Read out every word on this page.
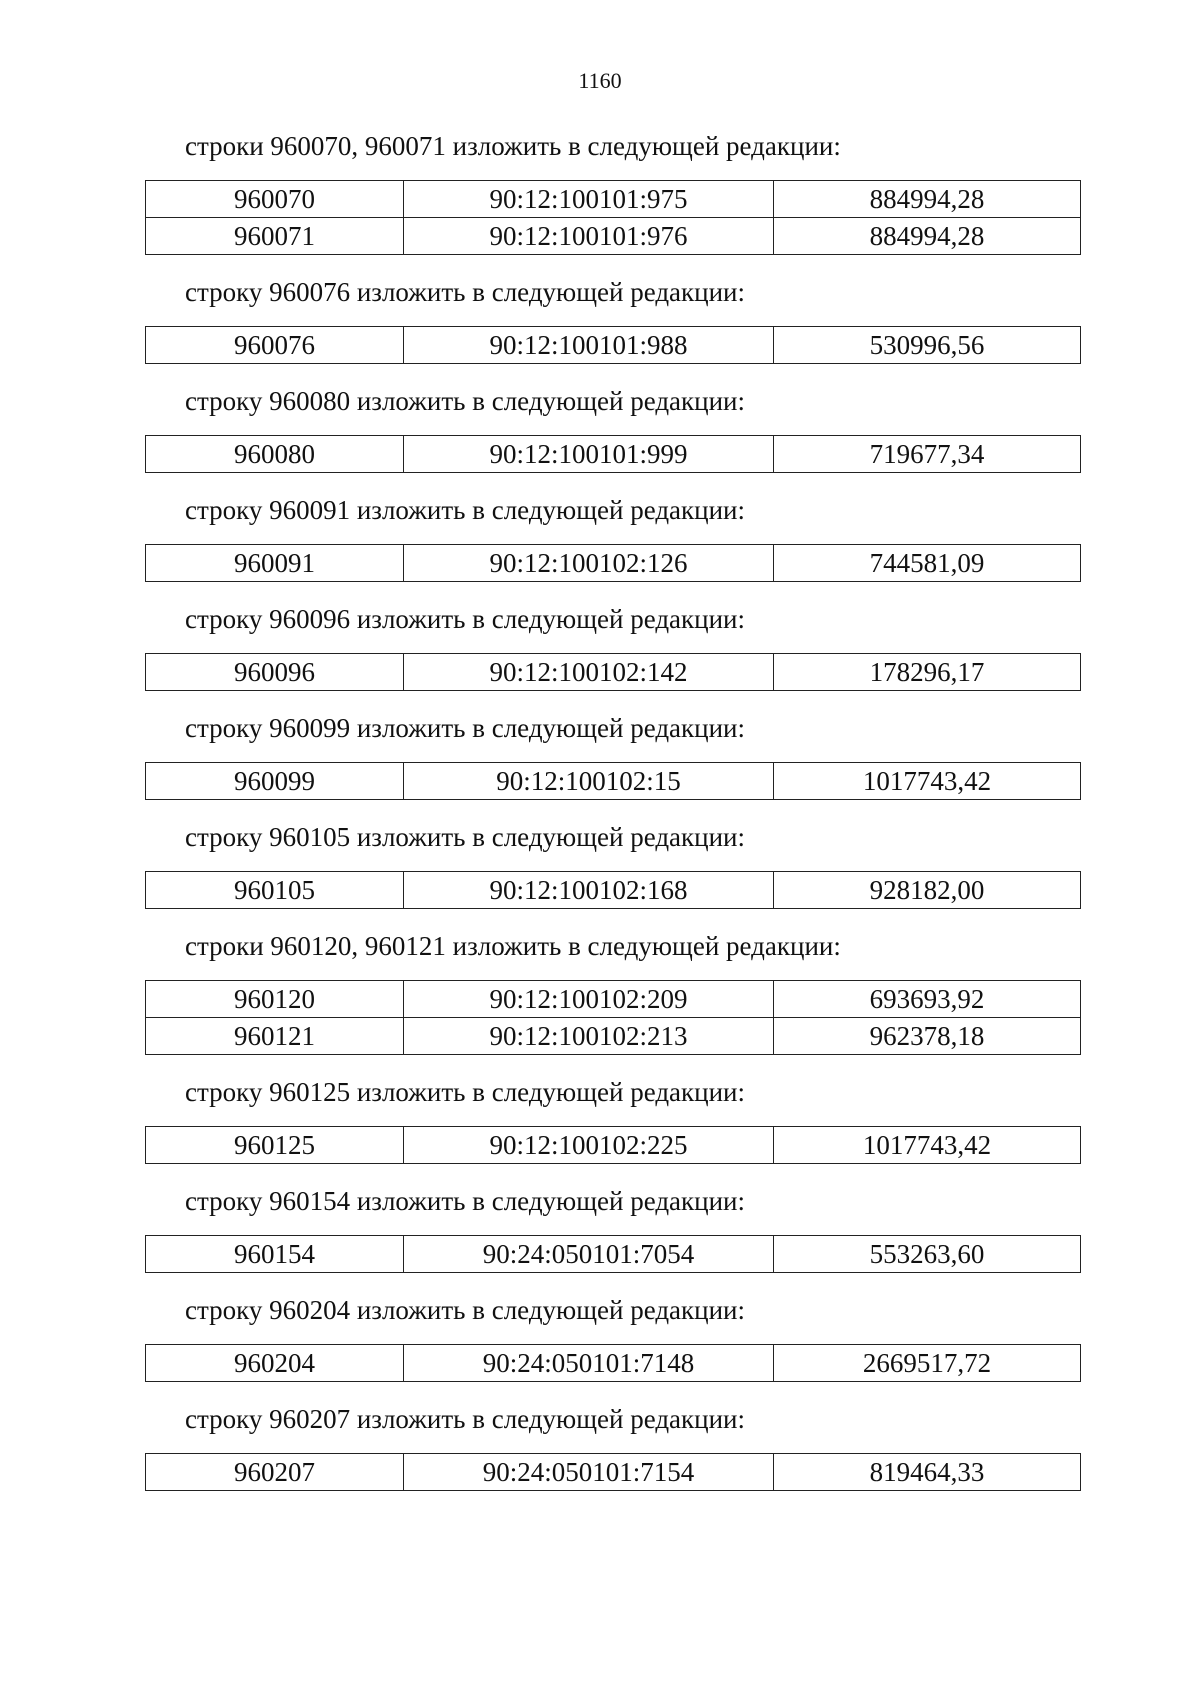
1160
строки 960070, 960071 изложить в следующей редакции:
960070	90:12:100101:975	884994,28
960071	90:12:100101:976	884994,28
строку 960076 изложить в следующей редакции:
960076	90:12:100101:988	530996,56
строку 960080 изложить в следующей редакции:
960080	90:12:100101:999	719677,34
строку 960091 изложить в следующей редакции:
960091	90:12:100102:126	744581,09
строку 960096 изложить в следующей редакции:
960096	90:12:100102:142	178296,17
строку 960099 изложить в следующей редакции:
960099	90:12:100102:15	1017743,42
строку 960105 изложить в следующей редакции:
960105	90:12:100102:168	928182,00
строки 960120, 960121 изложить в следующей редакции:
960120	90:12:100102:209	693693,92
960121	90:12:100102:213	962378,18
строку 960125 изложить в следующей редакции:
960125	90:12:100102:225	1017743,42
строку 960154 изложить в следующей редакции:
960154	90:24:050101:7054	553263,60
строку 960204 изложить в следующей редакции:
960204	90:24:050101:7148	2669517,72
строку 960207 изложить в следующей редакции:
960207	90:24:050101:7154	819464,33
